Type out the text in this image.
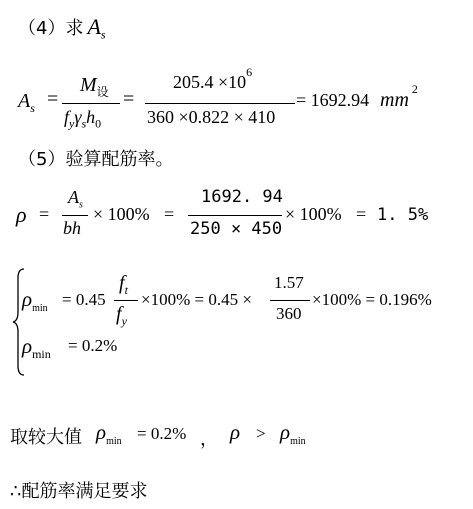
（4）求 $A_s$
$A_s$ =
$M_设$
$f_y\gamma_sh_0$
=
$205.4 \times 10^6$
360 ×0.822 × 410
= 1692.94 mm $^2$
（5）验算配筋率。
ρ =
$A_s$
bh
× 100% =
1692. 94
250 × 450
× 100% = 1. 5%
$\rho_{min} = 0.45$
$f_t$
$f_y$
×100% = 0.45 ×
1.57
360
×100% = 0.196%
$\rho_{min} = 0.2\%$
取较大值 $\rho_{min} = 0.2\%$ ， $\rho > \rho_{min}$
∴配筋率满足要求
